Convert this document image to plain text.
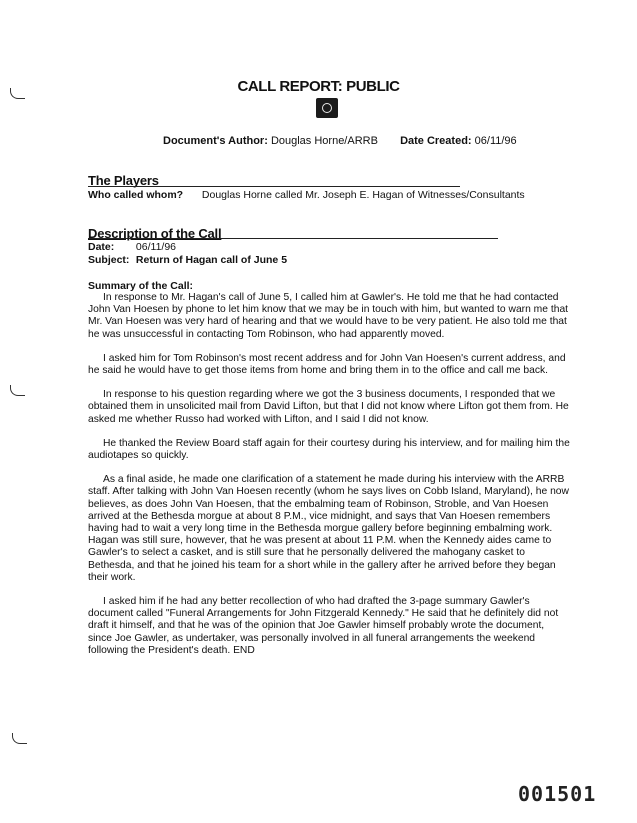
CALL REPORT: PUBLIC
Document's Author: Douglas Horne/ARRB Date Created: 06/11/96
The Players
Who called whom? Douglas Horne called Mr. Joseph E. Hagan of Witnesses/Consultants
Description of the Call
Date: 06/11/96
Subject: Return of Hagan call of June 5
Summary of the Call:

In response to Mr. Hagan's call of June 5, I called him at Gawler's. He told me that he had contacted John Van Hoesen by phone to let him know that we may be in touch with him, but wanted to warn me that Mr. Van Hoesen was very hard of hearing and that we would have to be very patient. He also told me that he was unsuccessful in contacting Tom Robinson, who had apparently moved.

I asked him for Tom Robinson's most recent address and for John Van Hoesen's current address, and he said he would have to get those items from home and bring them in to the office and call me back.

In response to his question regarding where we got the 3 business documents, I responded that we obtained them in unsolicited mail from David Lifton, but that I did not know where Lifton got them from. He asked me whether Russo had worked with Lifton, and I said I did not know.

He thanked the Review Board staff again for their courtesy during his interview, and for mailing him the audiotapes so quickly.

As a final aside, he made one clarification of a statement he made during his interview with the ARRB staff. After talking with John Van Hoesen recently (whom he says lives on Cobb Island, Maryland), he now believes, as does John Van Hoesen, that the embalming team of Robinson, Stroble, and Van Hoesen arrived at the Bethesda morgue at about 8 P.M., vice midnight, and says that Van Hoesen remembers having had to wait a very long time in the Bethesda morgue gallery before beginning embalming work. Hagan was still sure, however, that he was present at about 11 P.M. when the Kennedy aides came to Gawler's to select a casket, and is still sure that he personally delivered the mahogany casket to Bethesda, and that he joined his team for a short while in the gallery after he arrived before they began their work.

I asked him if he had any better recollection of who had drafted the 3-page summary Gawler's document called "Funeral Arrangements for John Fitzgerald Kennedy." He said that he definitely did not draft it himself, and that he was of the opinion that Joe Gawler himself probably wrote the document, since Joe Gawler, as undertaker, was personally involved in all funeral arrangements the weekend following the President's death. END

001501
